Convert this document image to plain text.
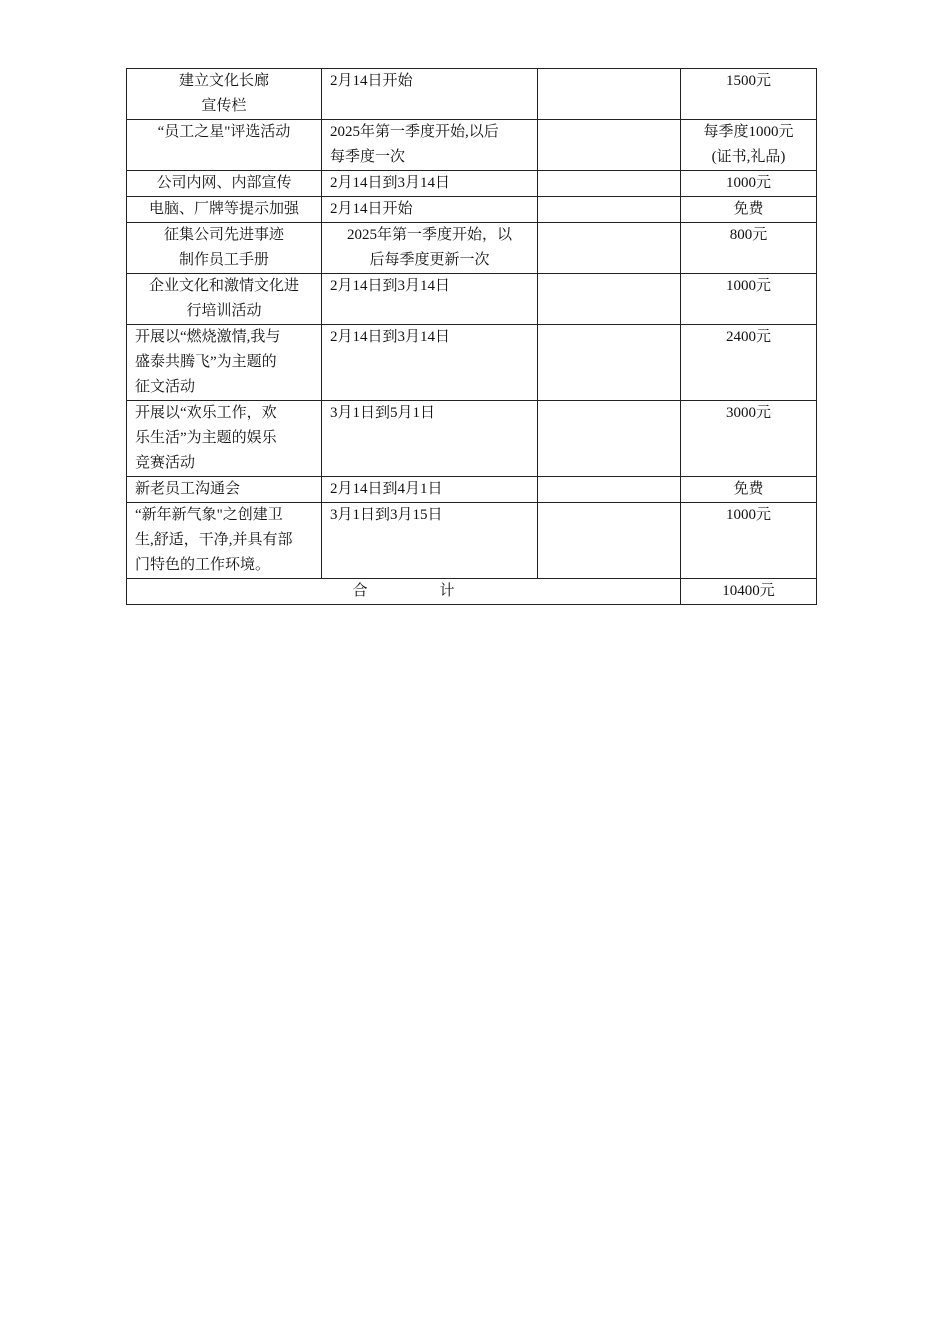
建立文化长廊
宣传栏	2月14日开始		1500元

“员工之星"评选活动	2025年第一季度开始,以后
每季度一次		每季度1000元
(证书,礼品)

公司内网、内部宣传	2月14日到3月14日		1000元

电脑、厂牌等提示加强	2月14日开始		免费

征集公司先进事迹
制作员工手册	2025年第一季度开始，以
后每季度更新一次		800元

企业文化和激情文化进
行培训活动	2月14日到3月14日		1000元

开展以“燃烧激情,我与
盛泰共腾飞”为主题的
征文活动	2月14日到3月14日		2400元

开展以“欢乐工作，欢
乐生活”为主题的娱乐
竞赛活动	3月1日到5月1日		3000元

新老员工沟通会	2月14日到4月1日		免费

“新年新气象"之创建卫
生,舒适，干净,并具有部
门特色的工作环境。	3月1日到3月15日		1000元

合 计			10400元
